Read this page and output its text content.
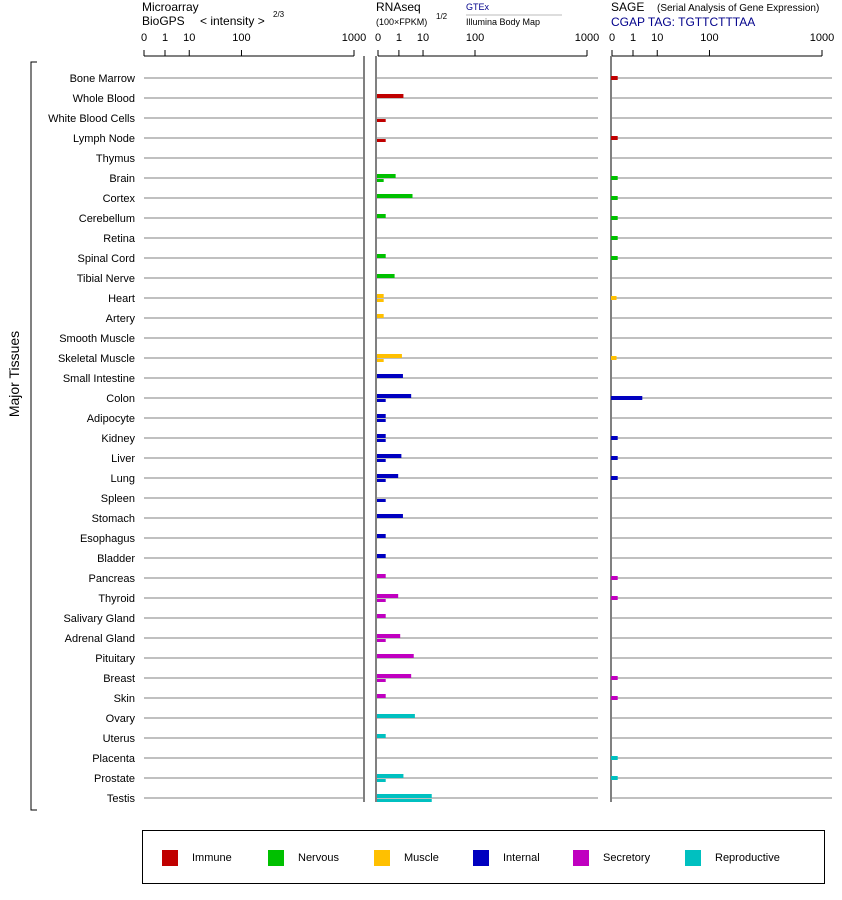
Microarray
BioGPS < intensity > 2/3
RNAseq
(100×FPKM)
1/2
GTEx
Illumina Body Map
SAGE (Serial Analysis of Gene Expression)
CGAP TAG: TGTTCTTTAA
Major Tissues
0 1 10	100	1000 0 1 10	100	1000 0 1 10	100	1000
Bone Marrow
Whole Blood
White Blood Cells
Lymph Node
Thymus
Brain
Cortex
Cerebellum
Retina
Spinal Cord
Tibial Nerve
Heart
Artery
Smooth Muscle
Skeletal Muscle
Small Intestine
Colon
Adipocyte
Kidney
Liver
Lung
Spleen
Stomach
Esophagus
Bladder
Pancreas
Thyroid
Salivary Gland
Adrenal Gland
Pituitary
Breast
Skin
Ovary
Uterus
Placenta
Prostate
Testis
Immune	Nervous	Muscle	Internal	Secretory	Reproductive
